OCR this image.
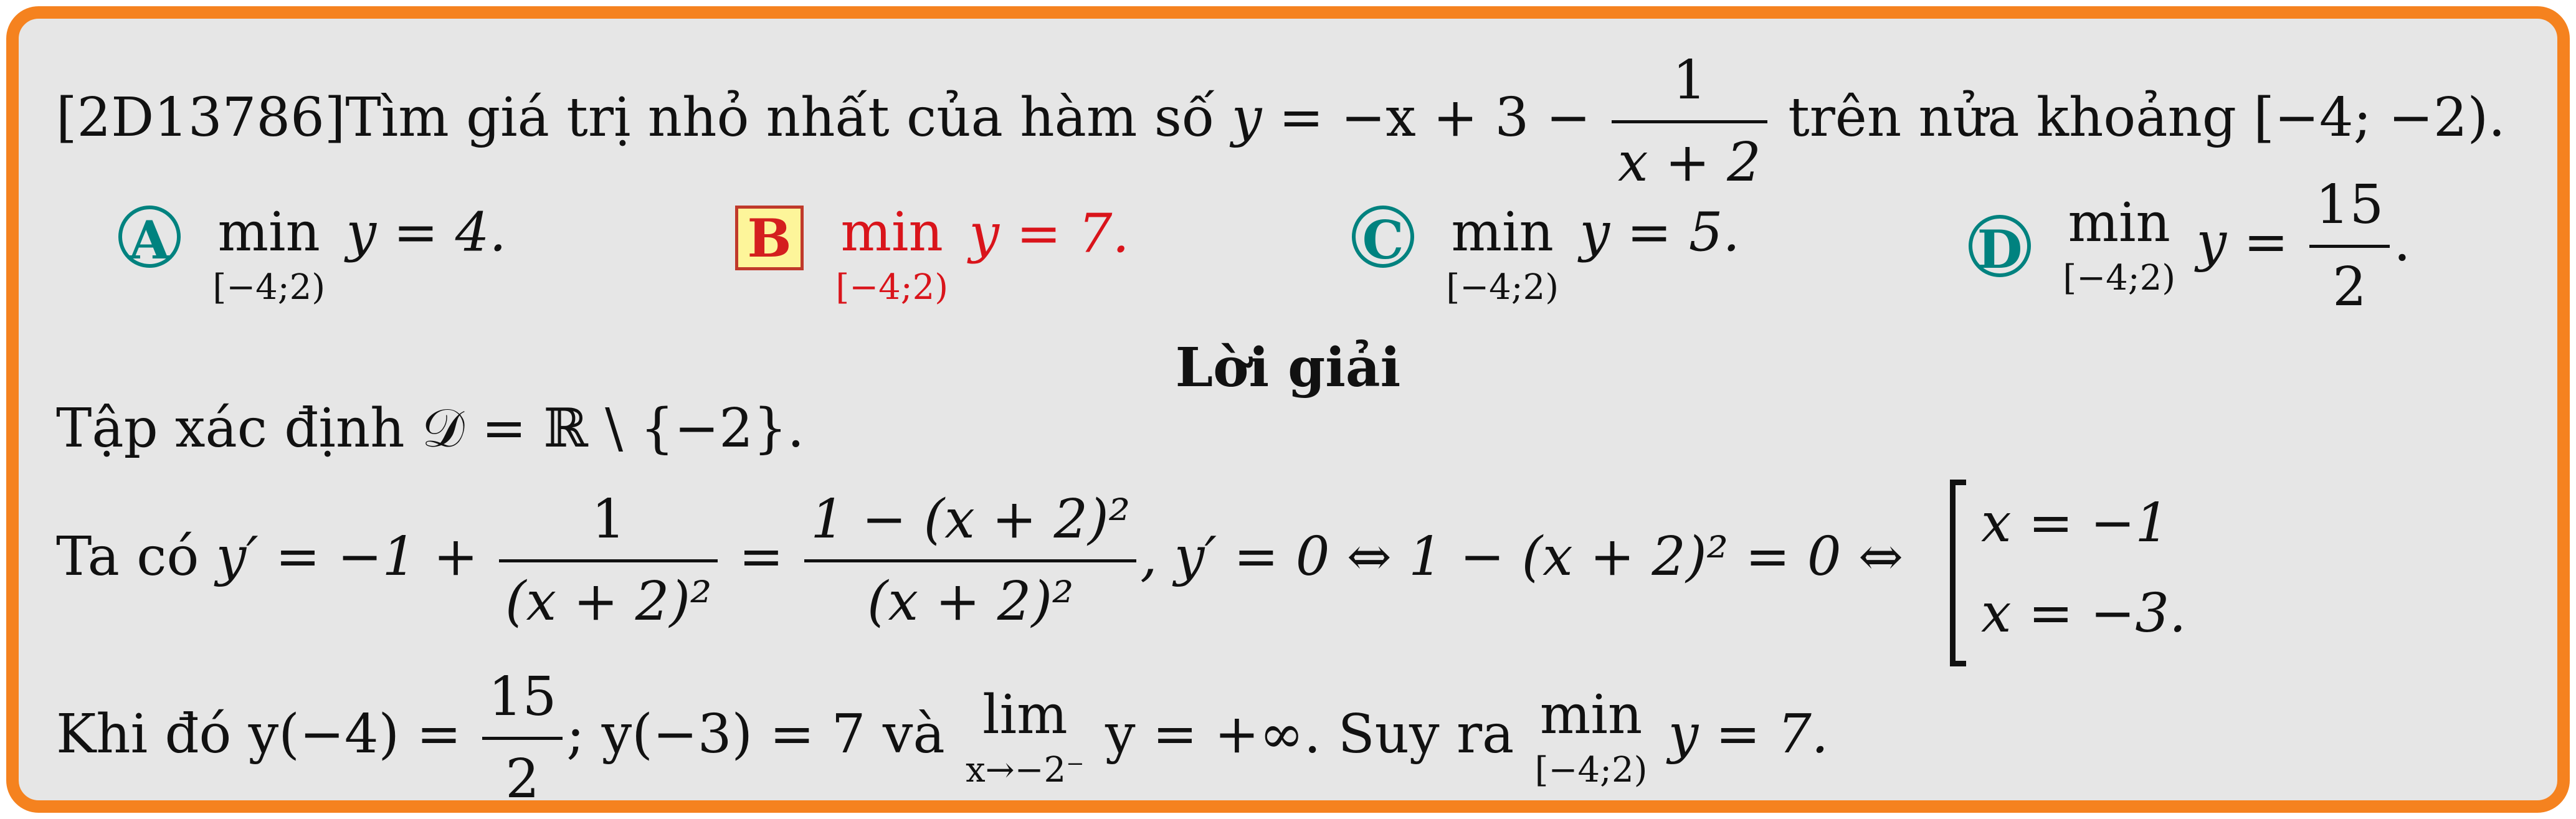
[2D13786]Tìm giá trị nhỏ nhất của hàm số $y = -x + 3 - \frac{1}{x + 2}$ trên nửa khoảng [−4; −2).
A min
[−4;2)
y = 4.	B min
[−4;2)
y = 7.	C min
[−4;2)
y = 5.	D min
[−4;2)
$y = \frac{15}{2}$ .
Lời giải
Tập xác định 𝒟 = ℝ \ {−2}.
Ta có $y' = -1 + \frac{1}{\text{(x + 2)²}} = \frac{\text{1 − (x + 2)²}}{\text{(x + 2)²}}$ , y′ = 0 ⇔ 1 − (x + 2)² = 0 ⇔
x = −1
x = −3.
Khi đó $y(-4) = \frac{15}{2}$ ; y(−3) = 7 và lim
x→−2⁻
y = +∞. Suy ra min
[−4;2)
y = 7.
